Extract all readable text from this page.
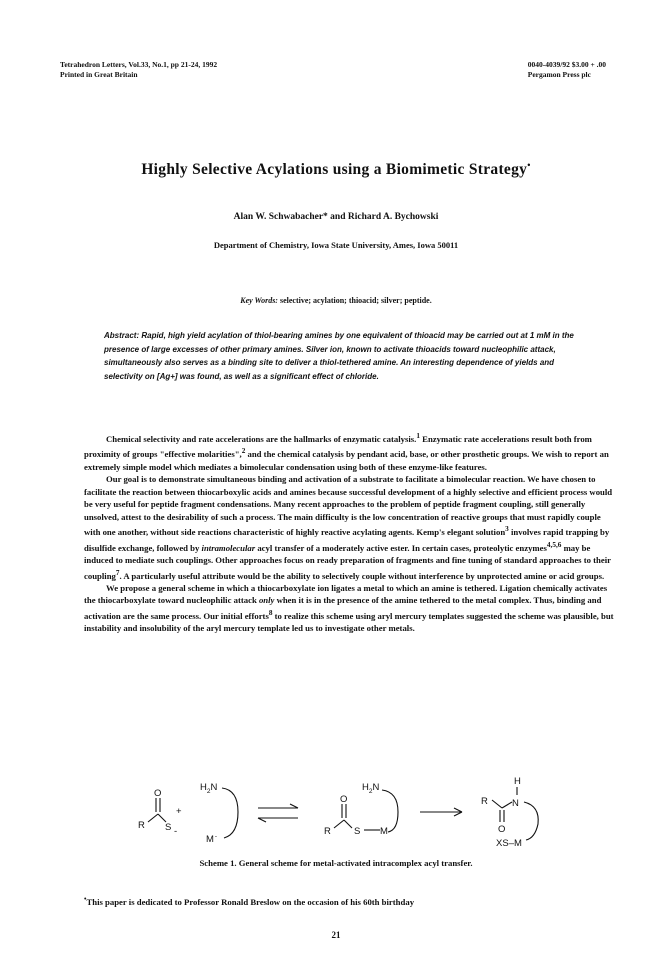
Tetrahedron Letters, Vol.33, No.1, pp 21-24, 1992
Printed in Great Britain
0040-4039/92 $3.00 + .00
Pergamon Press plc
Highly Selective Acylations using a Biomimetic Strategy•
Alan W. Schwabacher* and Richard A. Bychowski
Department of Chemistry, Iowa State University, Ames, Iowa 50011
Key Words: selective; acylation; thioacid; silver; peptide.
Abstract: Rapid, high yield acylation of thiol-bearing amines by one equivalent of thioacid may be carried out at 1 mM in the presence of large excesses of other primary amines. Silver ion, known to activate thioacids toward nucleophilic attack, simultaneously also serves as a binding site to deliver a thiol-tethered amine. An interesting dependence of yields and selectivity on [Ag+] was found, as well as a significant effect of chloride.

Chemical selectivity and rate accelerations are the hallmarks of enzymatic catalysis.$^1$ Enzymatic rate accelerations result both from proximity of groups "effective molarities",$^2$ and the chemical catalysis by pendant acid, base, or other prosthetic groups. We wish to report an extremely simple model which mediates a bimolecular condensation using both of these enzyme-like features.

Our goal is to demonstrate simultaneous binding and activation of a substrate to facilitate a bimolecular reaction. We have chosen to facilitate the reaction between thiocarboxylic acids and amines because successful development of a highly selective and efficient process would be very useful for peptide fragment condensations. Many recent approaches to the problem of peptide fragment coupling, still generally unsolved, attest to the desirability of such a process. The main difficulty is the low concentration of reactive groups that must rapidly couple with one another, without side reactions characteristic of highly reactive acylating agents. Kemp's elegant solution$^3$ involves rapid trapping by disulfide exchange, followed by intramolecular acyl transfer of a moderately active ester. In certain cases, proteolytic enzymes$^{4,5,6}$ may be induced to mediate such couplings. Other approaches focus on ready preparation of fragments and fine tuning of standard approaches to their coupling$^7$. A particularly useful attribute would be the ability to selectively couple without interference by unprotected amine or acid groups.

We propose a general scheme in which a thiocarboxylate ion ligates a metal to which an amine is tethered. Ligation chemically activates the thiocarboxylate toward nucleophilic attack only when it is in the presence of the amine tethered to the metal complex. Thus, binding and activation are the same process. Our initial efforts$^8$ to realize this scheme using aryl mercury templates suggested the scheme was plausible, but instability and insolubility of the aryl mercury template led us to investigate other metals.

O
R S -
+
$H_2N$
M-
O
R S M
$H_2N$
H
R	N
O
XS–M
Scheme 1. General scheme for metal-activated intracomplex acyl transfer.
•This paper is dedicated to Professor Ronald Breslow on the occasion of his 60th birthday
21
